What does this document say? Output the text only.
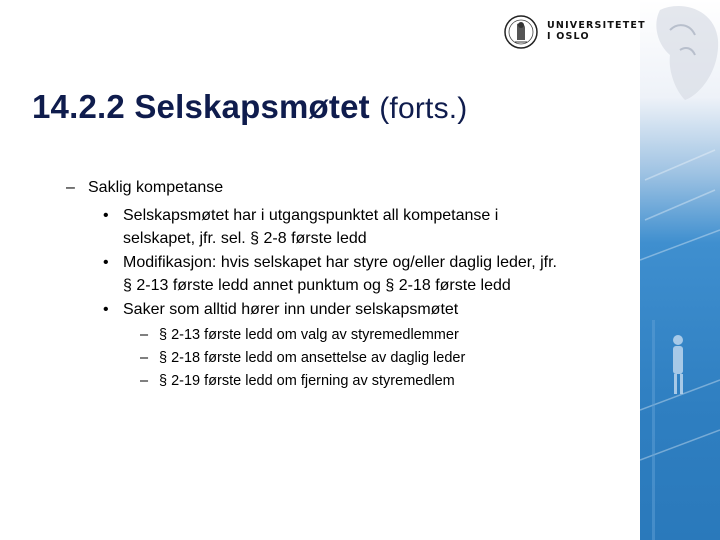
UNIVERSITETET
I OSLO
14.2.2 Selskapsmøtet (forts.)
– Saklig kompetanse
• Selskapsmøtet har i utgangspunktet all kompetanse i
selskapet, jfr. sel. § 2-8 første ledd
• Modifikasjon: hvis selskapet har styre og/eller daglig leder, jfr.
§ 2-13 første ledd annet punktum og § 2-18 første ledd
• Saker som alltid hører inn under selskapsmøtet
– § 2-13 første ledd om valg av styremedlemmer
– § 2-18 første ledd om ansettelse av daglig leder
– § 2-19 første ledd om fjerning av styremedlem
